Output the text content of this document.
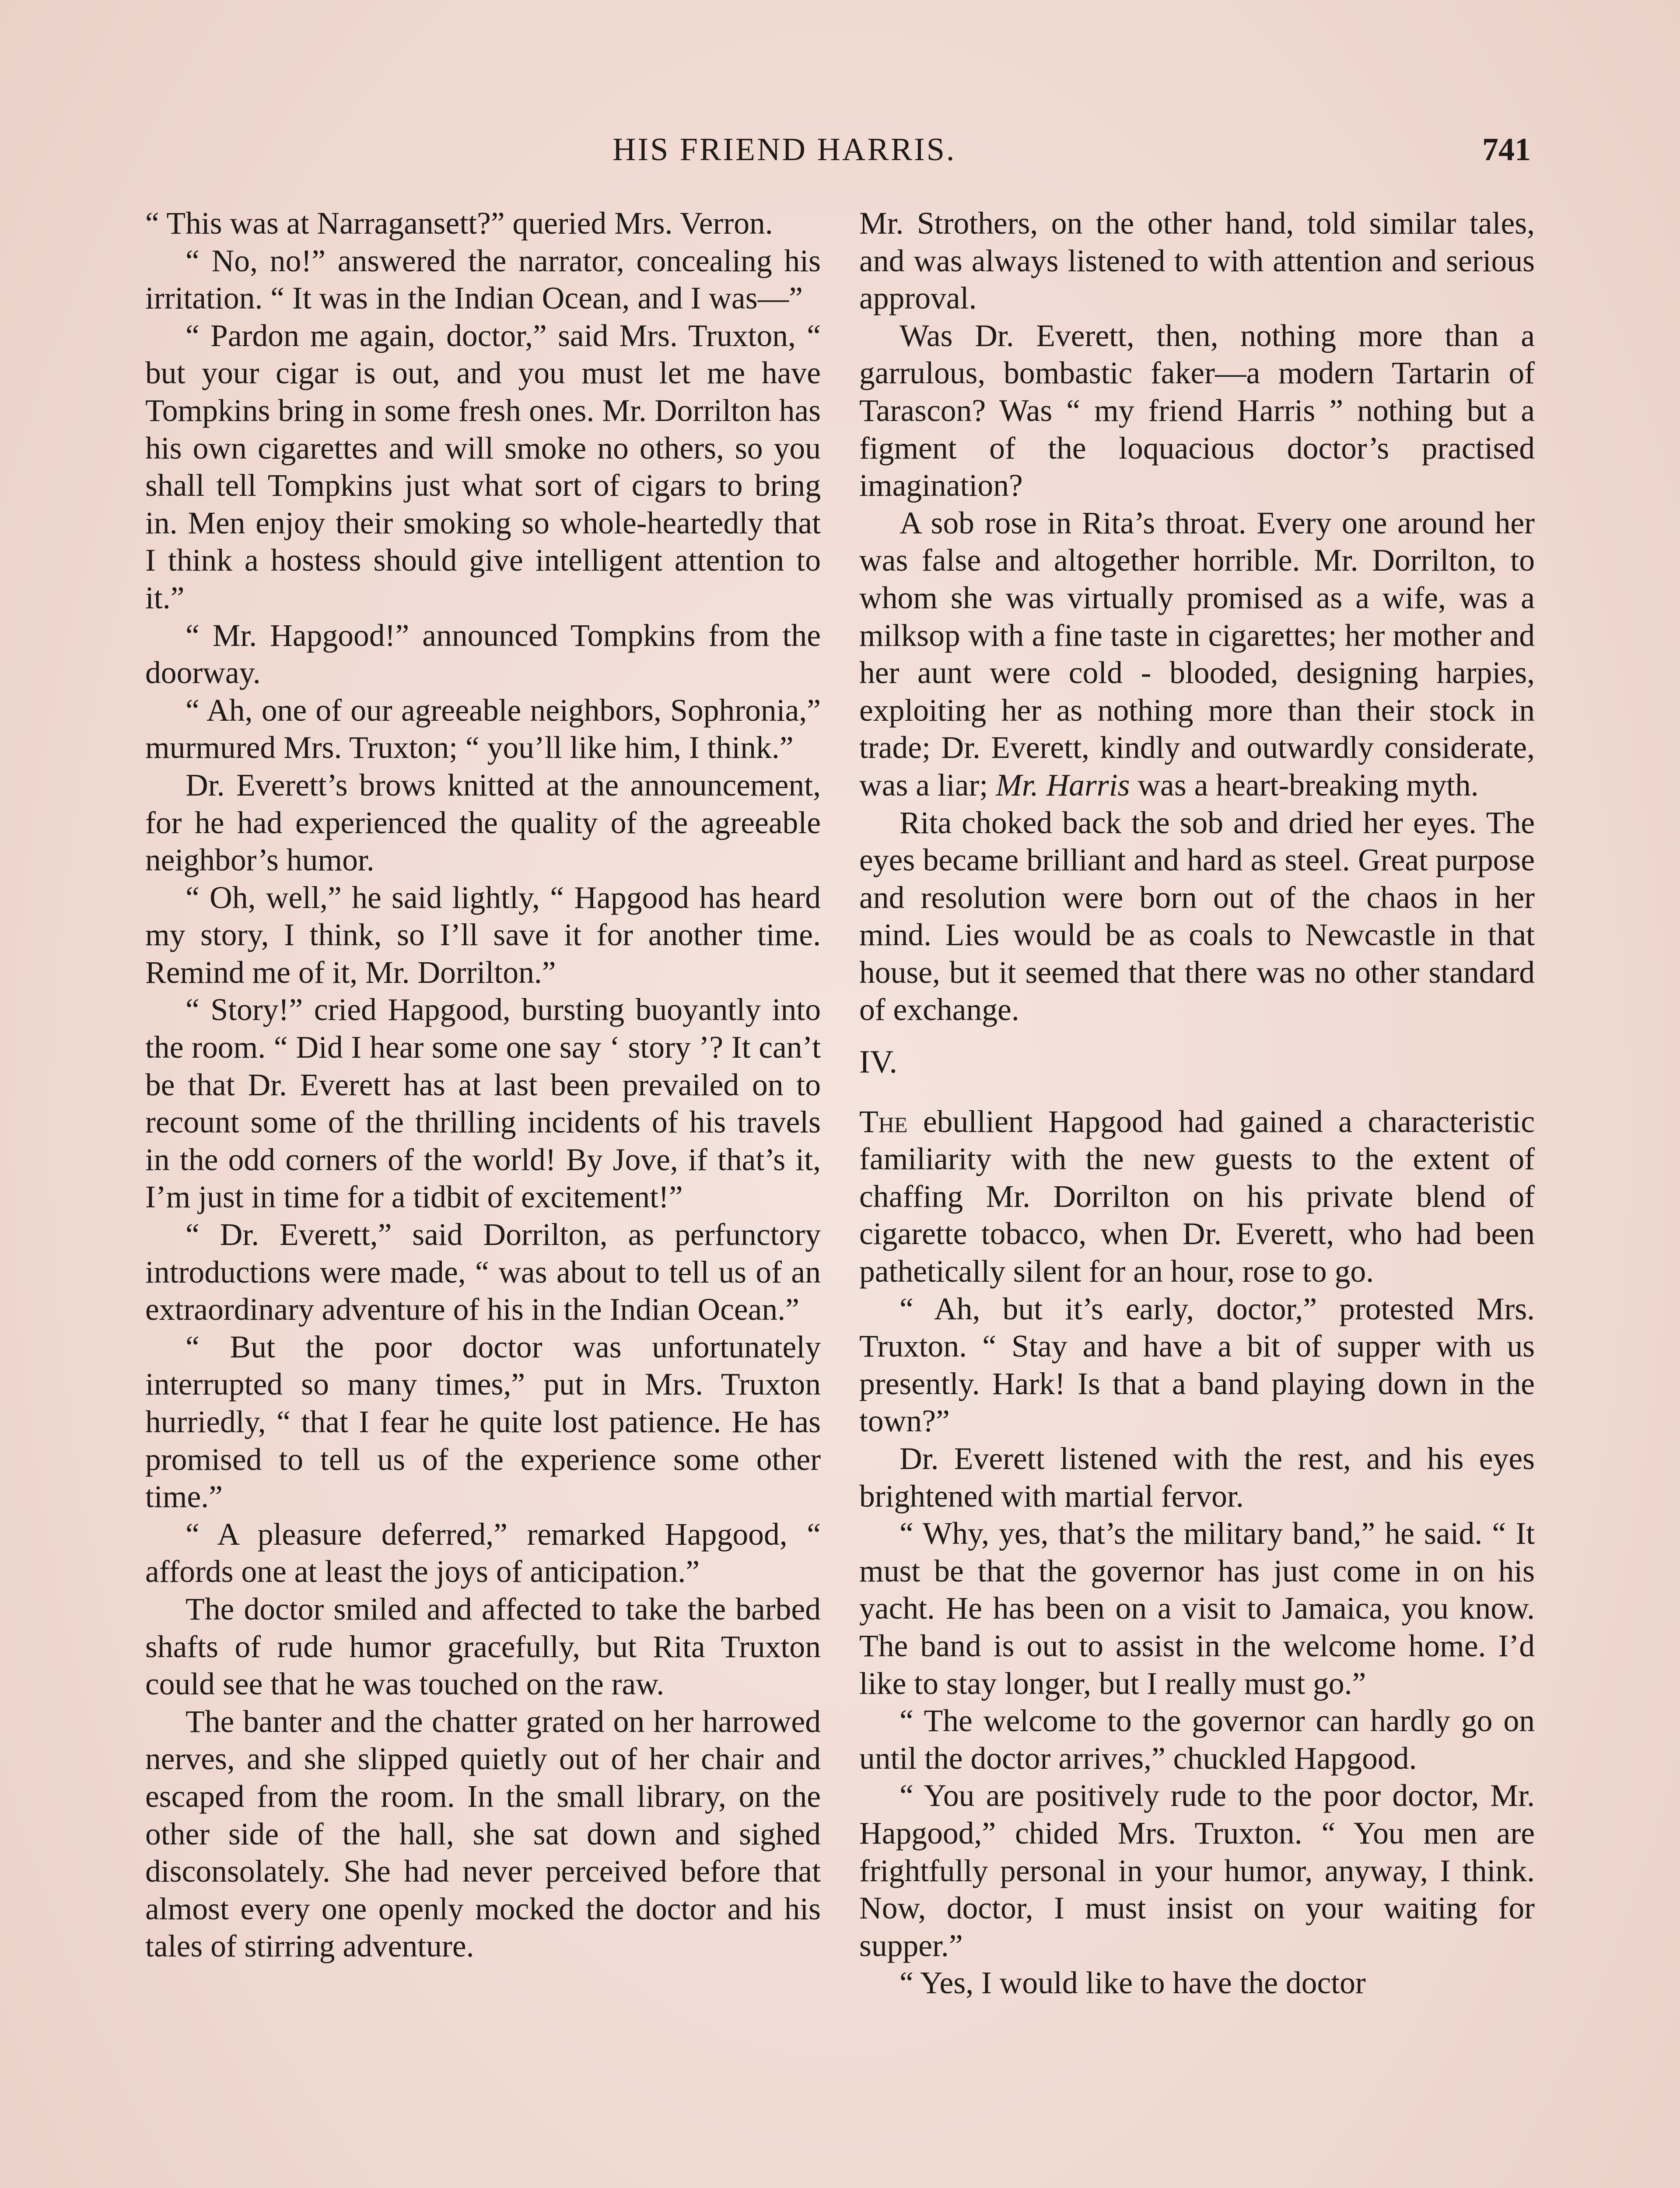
HIS FRIEND HARRIS.	741

“ This was at Narragansett?” queried Mrs. Verron.

“ No, no!” answered the narrator, concealing his irritation. “ It was in the Indian Ocean, and I was—”

“ Pardon me again, doctor,” said Mrs. Truxton, “ but your cigar is out, and you must let me have Tompkins bring in some fresh ones. Mr. Dorrilton has his own cigarettes and will smoke no others, so you shall tell Tompkins just what sort of cigars to bring in. Men enjoy their smoking so whole-heartedly that I think a hostess should give intelligent attention to it.”

“ Mr. Hapgood!” announced Tompkins from the doorway.

“ Ah, one of our agreeable neighbors, Sophronia,” murmured Mrs. Truxton; “ you’ll like him, I think.”

Dr. Everett’s brows knitted at the announcement, for he had experienced the quality of the agreeable neighbor’s humor.

“ Oh, well,” he said lightly, “ Hapgood has heard my story, I think, so I’ll save it for another time. Remind me of it, Mr. Dorrilton.”

“ Story!” cried Hapgood, bursting buoyantly into the room. “ Did I hear some one say ‘ story ’? It can’t be that Dr. Everett has at last been prevailed on to recount some of the thrilling incidents of his travels in the odd corners of the world! By Jove, if that’s it, I’m just in time for a tidbit of excitement!”

“ Dr. Everett,” said Dorrilton, as perfunctory introductions were made, “ was about to tell us of an extraordinary adventure of his in the Indian Ocean.”

“ But the poor doctor was unfortunately interrupted so many times,” put in Mrs. Truxton hurriedly, “ that I fear he quite lost patience. He has promised to tell us of the experience some other time.”

“ A pleasure deferred,” remarked Hapgood, “ affords one at least the joys of anticipation.”

The doctor smiled and affected to take the barbed shafts of rude humor gracefully, but Rita Truxton could see that he was touched on the raw.

The banter and the chatter grated on her harrowed nerves, and she slipped quietly out of her chair and escaped from the room. In the small library, on the other side of the hall, she sat down and sighed disconsolately. She had never perceived before that almost every one openly mocked the doctor and his tales of stirring adventure.

Mr. Strothers, on the other hand, told similar tales, and was always listened to with attention and serious approval.

Was Dr. Everett, then, nothing more than a garrulous, bombastic faker—a modern Tartarin of Tarascon? Was “ my friend Harris ” nothing but a figment of the loquacious doctor’s practised imagination?

A sob rose in Rita’s throat. Every one around her was false and altogether horrible. Mr. Dorrilton, to whom she was virtually promised as a wife, was a milksop with a fine taste in cigarettes; her mother and her aunt were cold - blooded, designing harpies, exploiting her as nothing more than their stock in trade; Dr. Everett, kindly and outwardly considerate, was a liar; Mr. Harris was a heart-breaking myth.

Rita choked back the sob and dried her eyes. The eyes became brilliant and hard as steel. Great purpose and resolution were born out of the chaos in her mind. Lies would be as coals to Newcastle in that house, but it seemed that there was no other standard of exchange.

IV.

The ebullient Hapgood had gained a characteristic familiarity with the new guests to the extent of chaffing Mr. Dorrilton on his private blend of cigarette tobacco, when Dr. Everett, who had been pathetically silent for an hour, rose to go.

“ Ah, but it’s early, doctor,” protested Mrs. Truxton. “ Stay and have a bit of supper with us presently. Hark! Is that a band playing down in the town?”

Dr. Everett listened with the rest, and his eyes brightened with martial fervor.

“ Why, yes, that’s the military band,” he said. “ It must be that the governor has just come in on his yacht. He has been on a visit to Jamaica, you know. The band is out to assist in the welcome home. I’d like to stay longer, but I really must go.”

“ The welcome to the governor can hardly go on until the doctor arrives,” chuckled Hapgood.

“ You are positively rude to the poor doctor, Mr. Hapgood,” chided Mrs. Truxton. “ You men are frightfully personal in your humor, anyway, I think. Now, doctor, I must insist on your waiting for supper.”

“ Yes, I would like to have the doctor
